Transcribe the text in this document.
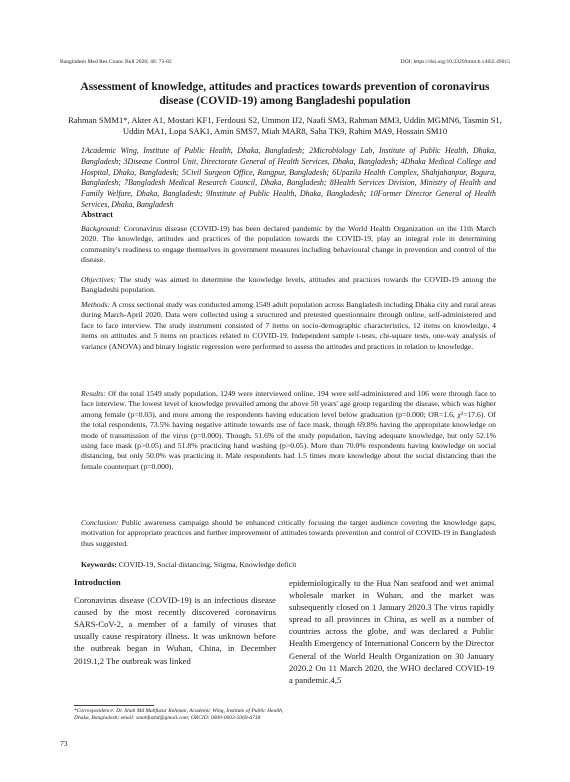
Bangladesh Med Res Counc Bull 2020; 46: 73-82	DOI: https://doi.org/10.3329/bmrcb.v46i2.49015
Assessment of knowledge, attitudes and practices towards prevention of coronavirus disease (COVID-19) among Bangladeshi population
Rahman SMM1*, Akter A1, Mostari KF1, Ferdousi S2, Ummon IJ2, Naafi SM3, Rahman MM3, Uddin MGMN6, Tasmin S1, Uddin MA1, Lopa SAK1, Amin SMS7, Miah MAR8, Saha TK9, Rahim MA9, Hossain SM10
1Academic Wing, Institute of Public Health, Dhaka, Bangladesh; 2Microbiology Lab, Institute of Public Health, Dhaka, Bangladesh; 3Disease Control Unit, Directorate General of Health Services, Dhaka, Bangladesh; 4Dhaka Medical College and Hospital, Dhaka, Bangladesh; 5Civil Surgeon Office, Rangpur, Bangladesh; 6Upazila Health Complex, Shahjahanpur, Bogura, Bangladesh; 7Bangladesh Medical Research Council, Dhaka, Bangladesh; 8Health Services Division, Ministry of Health and Family Welfare, Dhaka, Bangladesh; 9Institute of Public Health, Dhaka, Bangladesh; 10Former Director General of Health Services, Dhaka, Bangladesh
Abstract
Background: Coronavirus disease (COVID-19) has been declared pandemic by the World Health Organization on the 11th March 2020. The knowledge, attitudes and practices of the population towards the COVID-19, play an integral role in determining community's readiness to engage themselves in government measures including behavioural change in prevention and control of the disease.
Objectives: The study was aimed to determine the knowledge levels, attitudes and practices towards the COVID-19 among the Bangladeshi population.
Methods: A cross sectional study was conducted among 1549 adult population across Bangladesh including Dhaka city and rural areas during March-April 2020. Data were collected using a structured and pretested questionnaire through online, self-administered and face to face interview. The study instrument consisted of 7 items on socio-demographic characteristics, 12 items on knowledge, 4 items on attitudes and 5 items on practices related to COVID-19. Independent sample t-tests, chi-square tests, one-way analysis of variance (ANOVA) and binary logistic regression were performed to assess the attitudes and practices in relation to knowledge.
Results: Of the total 1549 study population, 1249 were interviewed online, 194 were self-administered and 106 were through face to face interview. The lowest level of knowledge prevailed among the above 50 years' age group regarding the disease, which was higher among female (p=0.03), and more among the respondents having education level below graduation (p=0.000; OR=1.6, χ²=17.6). Of the total respondents, 73.5% having negative attitude towards use of face mask, though 69.8% having the appropriate knowledge on mode of transmission of the virus (p=0.000). Though, 51.6% of the study population, having adequate knowledge, but only 52.1% using face mask (p>0.05) and 51.8% practicing hand washing (p>0.05). More than 70.0% respondents having knowledge on social distancing, but only 50.0% was practicing it. Male respondents had 1.5 times more knowledge about the social distancing than the female counterpart (p=0.000).
Conclusion: Public awareness campaign should be enhanced critically focusing the target audience covering the knowledge gaps, motivation for appropriate practices and further improvement of attitudes towards prevention and control of COVID-19 in Bangladesh thus suggested.
Keywords: COVID-19, Social distancing, Stigma, Knowledge deficit
Introduction

Coronavirus disease (COVID-19) is an infectious disease caused by the most recently discovered coronavirus SARS-CoV-2, a member of a family of viruses that usually cause respiratory illness. It was unknown before the outbreak began in Wuhan, China, in December 2019.1,2 The outbreak was linked

epidemiologically to the Hua Nan seafood and wet animal wholesale market in Wuhan, and the market was subsequently closed on 1 January 2020.3 The virus rapidly spread to all provinces in China, as well as a number of countries across the globe, and was declared a Public Health Emergency of International Concern by the Director General of the World Health Organization on 30 January 2020.2 On 11 March 2020, the WHO declared COVID-19 a pandemic.4,5

*Correspondence: Dr. Shah Md Mahfuzur Rahman, Academic Wing, Institute of Public Health, Dhaka, Bangladesh; email: smahfuzbd@gmail.com; ORCID: 0000-0003-5069-6718
73
